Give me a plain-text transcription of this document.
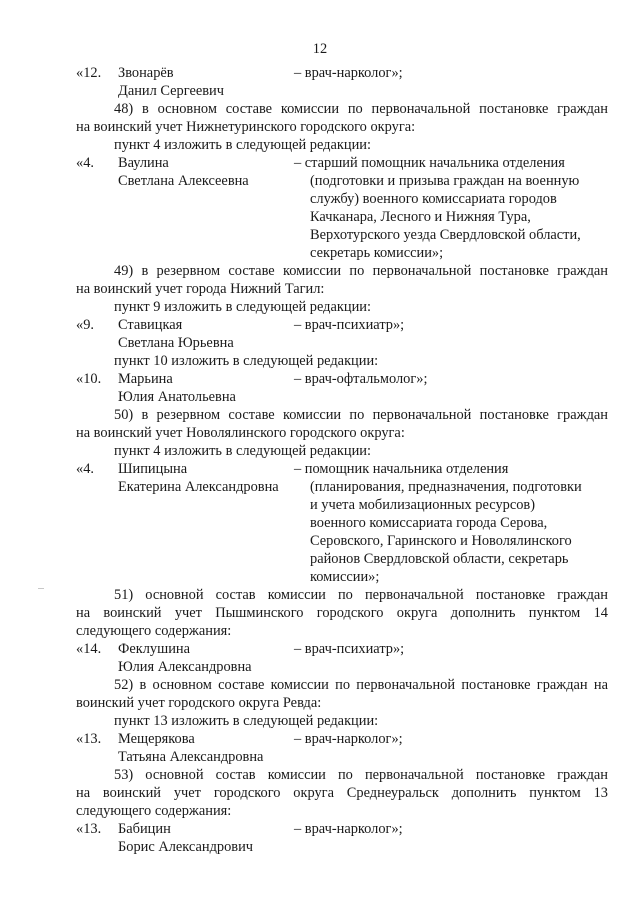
12
«12. Звонарёв
Данил Сергеевич
– врач-нарколог»;
48) в основном составе комиссии по первоначальной постановке граждан
на воинский учет Нижнетуринского городского округа:
пункт 4 изложить в следующей редакции:
«4. Ваулина
Светлана Алексеевна
– старший помощник начальника отделения
(подготовки и призыва граждан на военную
службу) военного комиссариата городов
Качканара, Лесного и Нижняя Тура,
Верхотурского уезда Свердловской области,
секретарь комиссии»;
49) в резервном составе комиссии по первоначальной постановке граждан
на воинский учет города Нижний Тагил:
пункт 9 изложить в следующей редакции:
«9. Ставицкая
Светлана Юрьевна
– врач-психиатр»;
пункт 10 изложить в следующей редакции:
«10. Марьина
Юлия Анатольевна
– врач-офтальмолог»;
50) в резервном составе комиссии по первоначальной постановке граждан
на воинский учет Новолялинского городского округа:
пункт 4 изложить в следующей редакции:
«4. Шипицына
Екатерина Александровна
– помощник начальника отделения
(планирования, предназначения, подготовки
и учета мобилизационных ресурсов)
военного комиссариата города Серова,
Серовского, Гаринского и Новолялинского
районов Свердловской области, секретарь
комиссии»;
51) основной состав комиссии по первоначальной постановке граждан
на воинский учет Пышминского городского округа дополнить пунктом 14
следующего содержания:
«14. Феклушина
Юлия Александровна
– врач-психиатр»;
52) в основном составе комиссии по первоначальной постановке граждан на
воинский учет городского округа Ревда:
пункт 13 изложить в следующей редакции:
«13. Мещерякова
Татьяна Александровна
– врач-нарколог»;
53) основной состав комиссии по первоначальной постановке граждан
на воинский учет городского округа Среднеуральск дополнить пунктом 13
следующего содержания:
«13. Бабицин
Борис Александрович
– врач-нарколог»;
